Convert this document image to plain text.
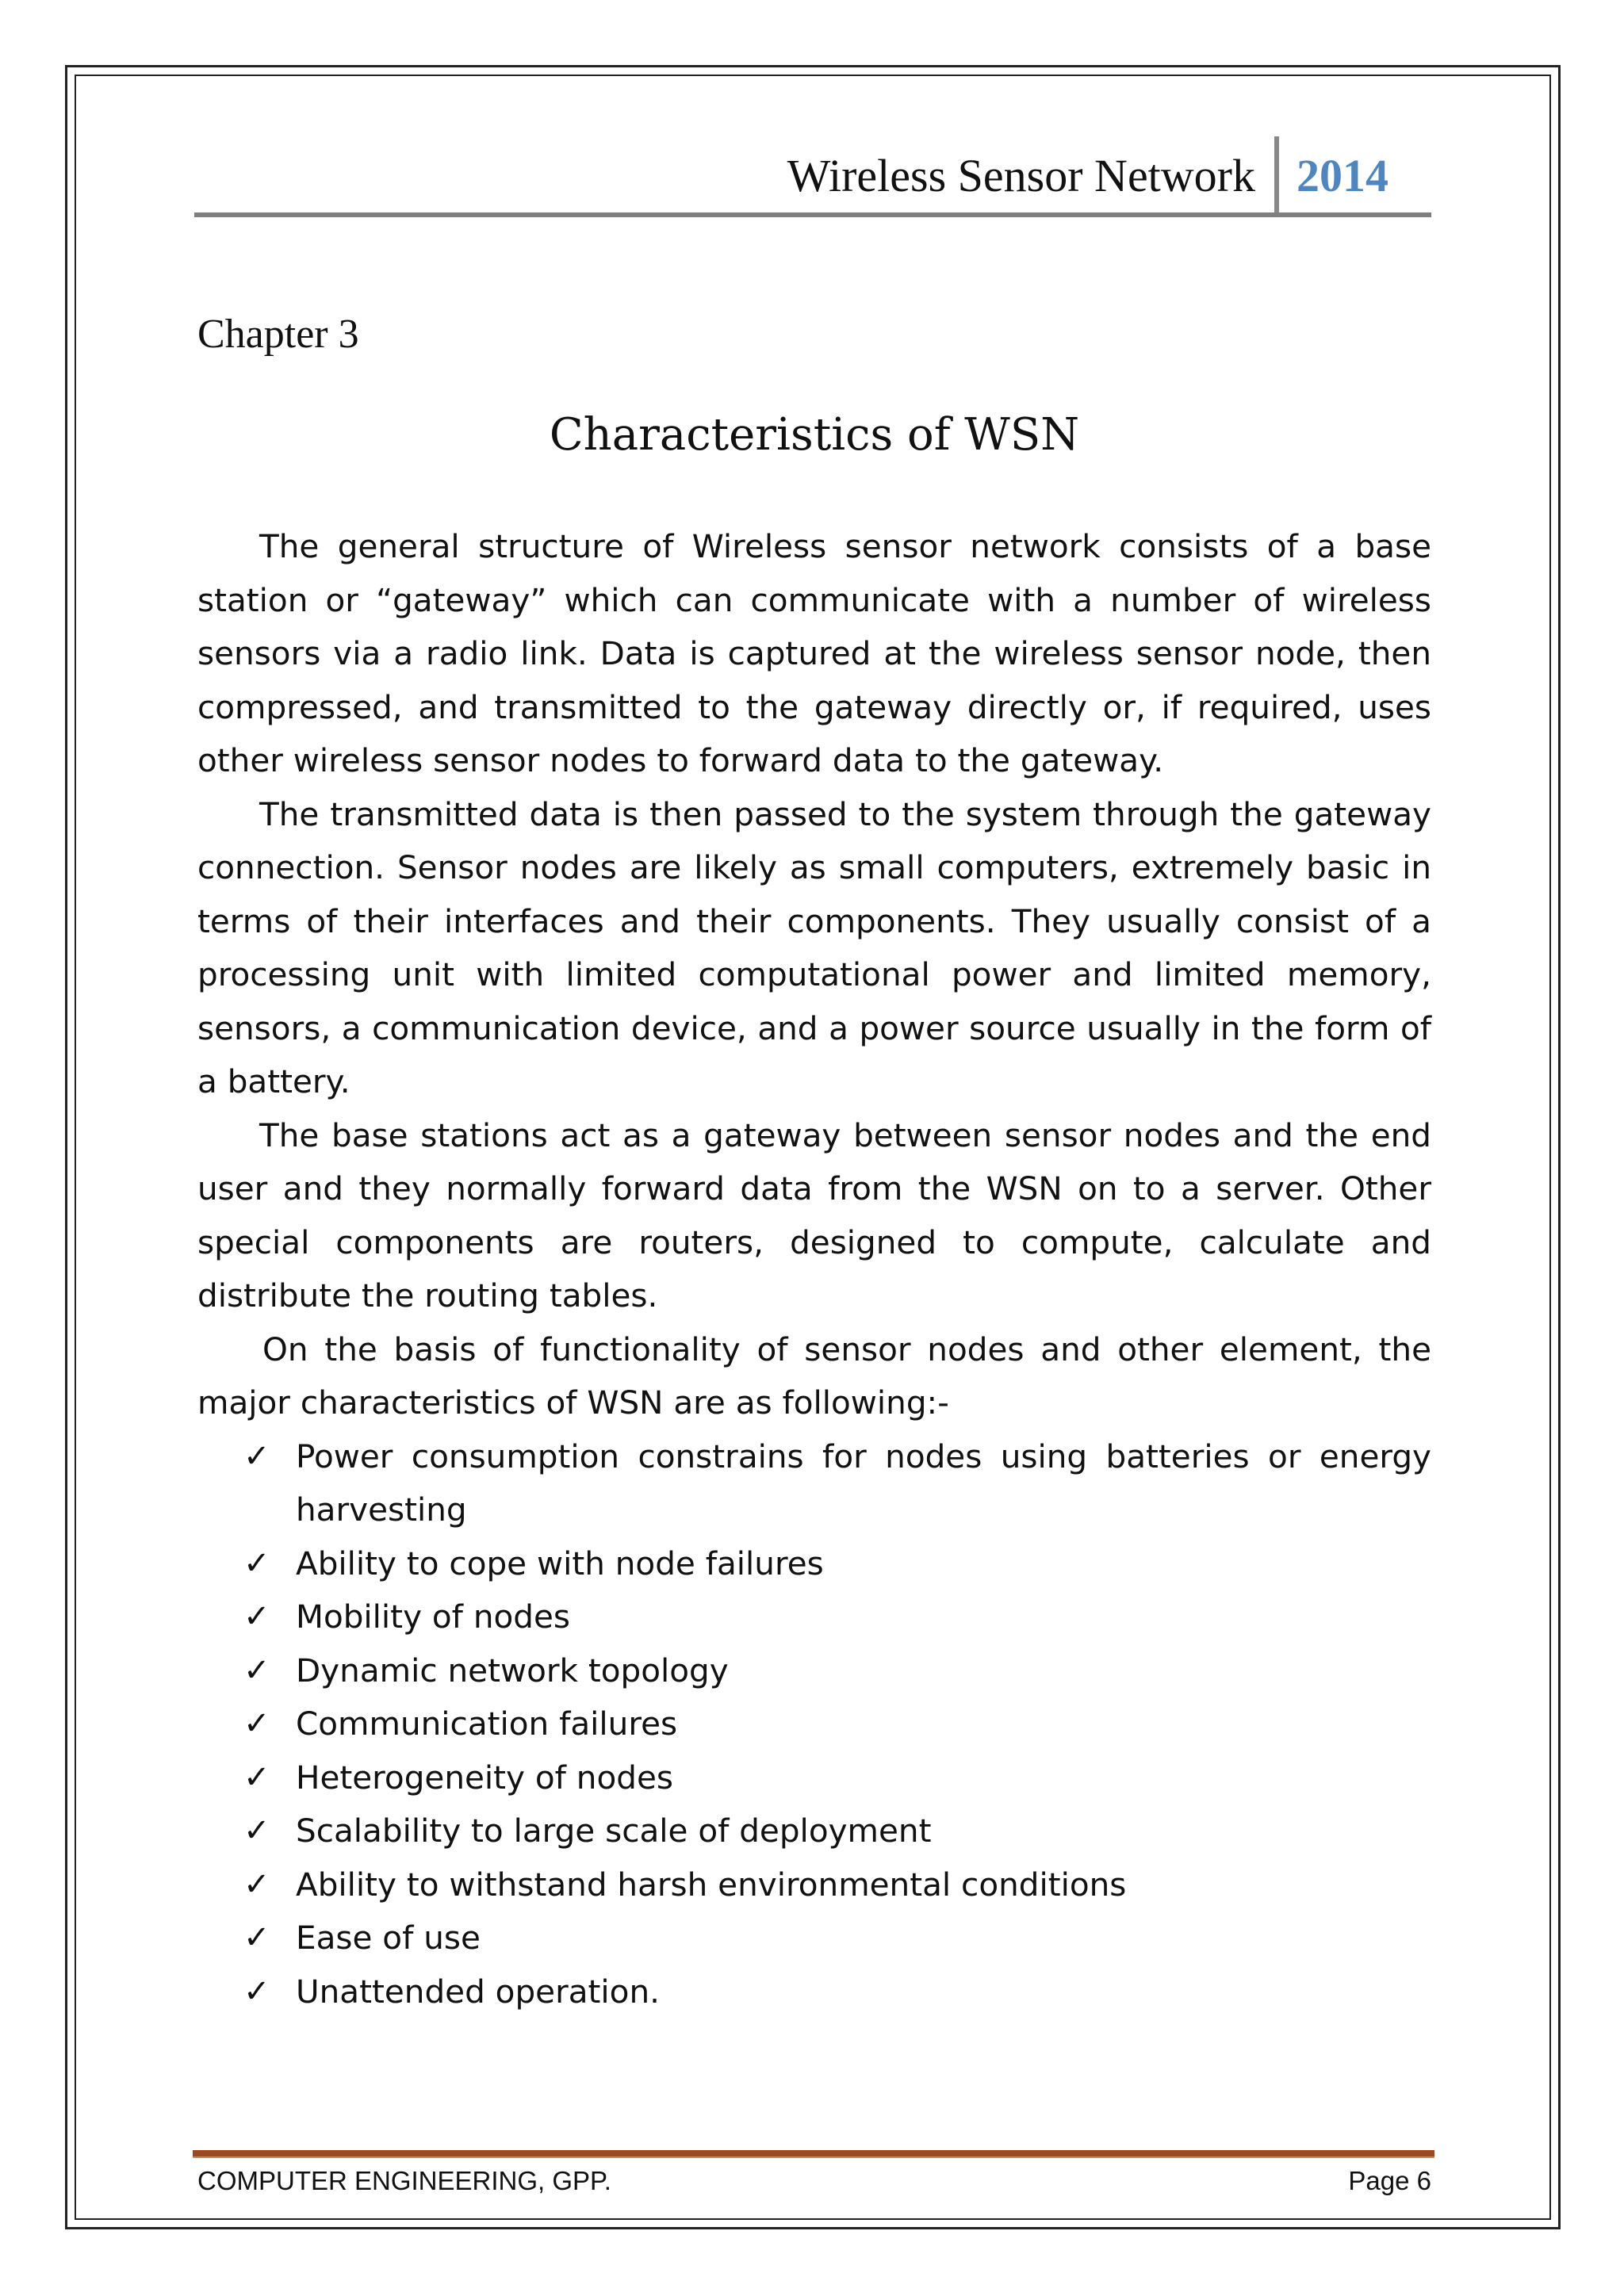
Wireless Sensor Network 2014
Chapter 3
Characteristics of WSN

The general structure of Wireless sensor network consists of a base station or “gateway” which can communicate with a number of wireless sensors via a radio link. Data is captured at the wireless sensor node, then compressed, and transmitted to the gateway directly or, if required, uses other wireless sensor nodes to forward data to the gateway.

The transmitted data is then passed to the system through the gateway connection. Sensor nodes are likely as small computers, extremely basic in terms of their interfaces and their components. They usually consist of a processing unit with limited computational power and limited memory, sensors, a communication device, and a power source usually in the form of a battery.

The base stations act as a gateway between sensor nodes and the end user and they normally forward data from the WSN on to a server. Other special components are routers, designed to compute, calculate and distribute the routing tables.

On the basis of functionality of sensor nodes and other element, the major characteristics of WSN are as following:-

✓ Power consumption constrains for nodes using batteries or energy harvesting
✓ Ability to cope with node failures
✓ Mobility of nodes
✓ Dynamic network topology
✓ Communication failures
✓ Heterogeneity of nodes
✓ Scalability to large scale of deployment
✓ Ability to withstand harsh environmental conditions
✓ Ease of use
✓ Unattended operation.
COMPUTER ENGINEERING, GPP.	Page 6
